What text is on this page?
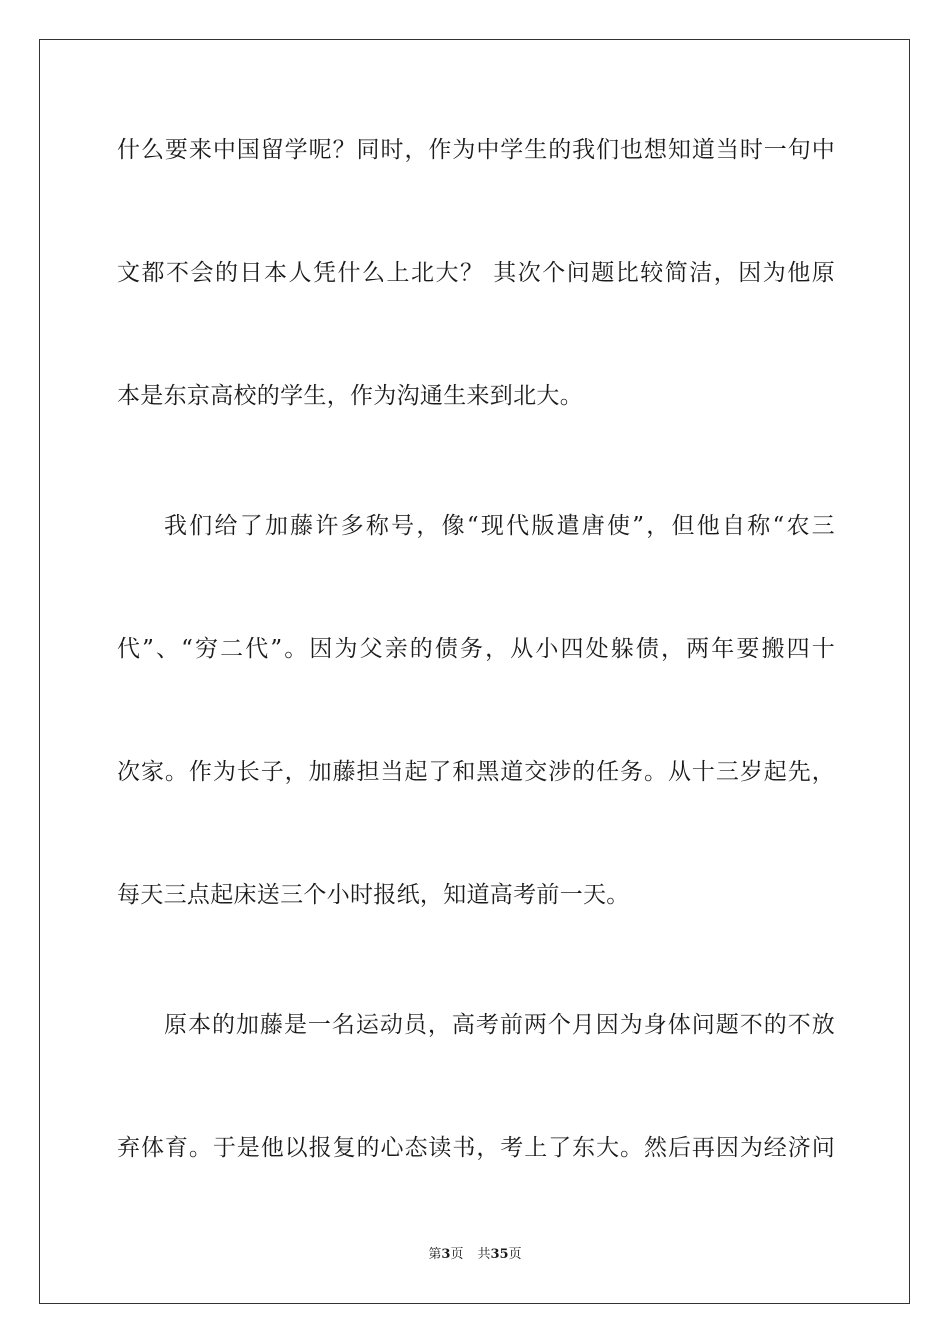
什么要来中国留学呢？同时，作为中学生的我们也想知道当时一句中
文都不会的日本人凭什么上北大？ 其次个问题比较简洁，因为他原
本是东京高校的学生，作为沟通生来到北大。
我们给了加藤许多称号，像“现代版遣唐使”，但他自称“农三
代”、“穷二代”。因为父亲的债务，从小四处躲债，两年要搬四十
次家。作为长子，加藤担当起了和黑道交涉的任务。从十三岁起先，
每天三点起床送三个小时报纸，知道高考前一天。
原本的加藤是一名运动员，高考前两个月因为身体问题不的不放
弃体育。于是他以报复的心态读书，考上了东大。然后再因为经济问
第3页 共35页
